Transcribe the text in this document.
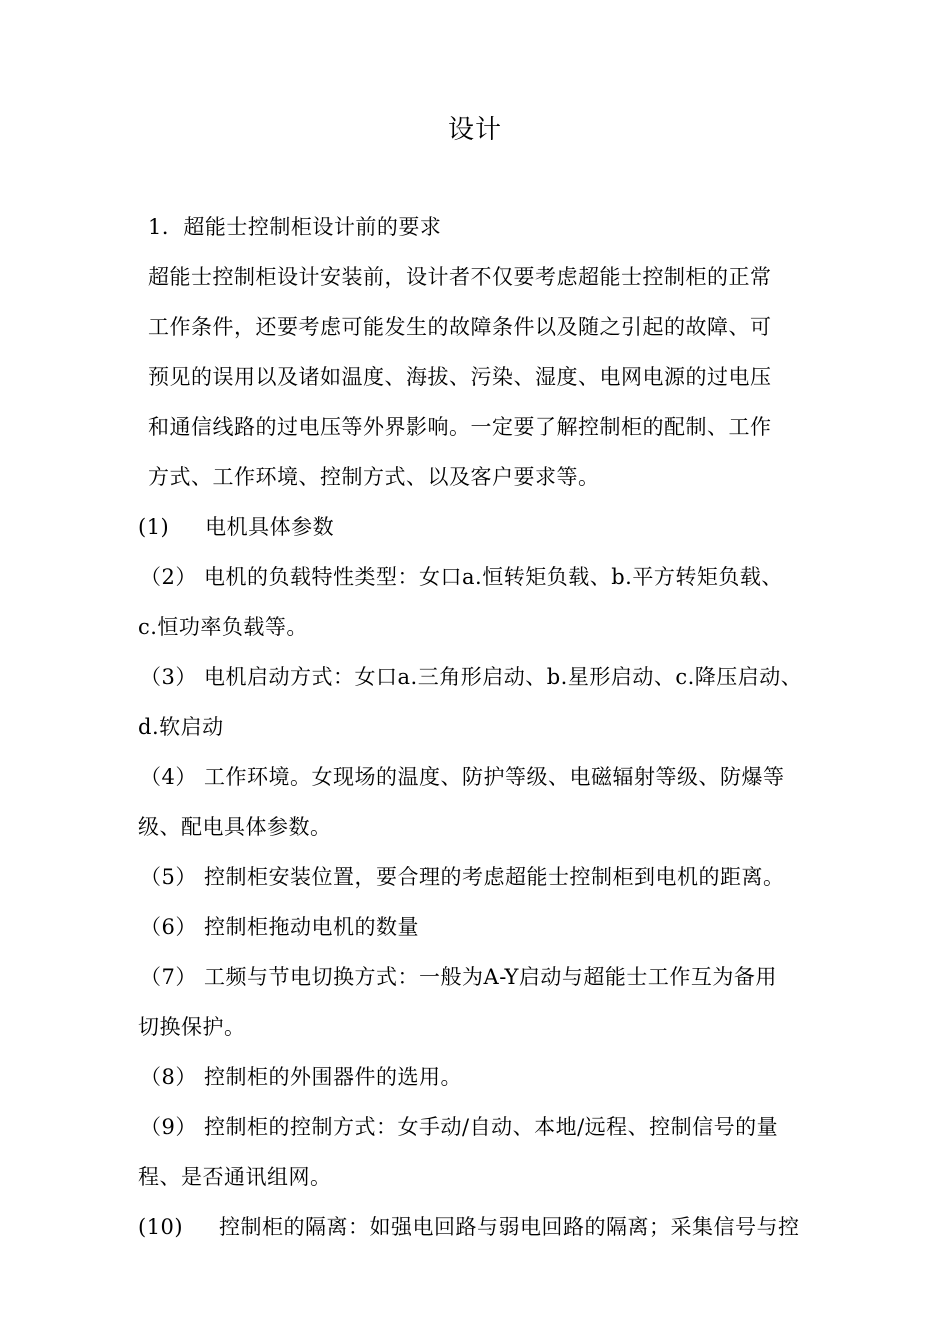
设计
1．超能士控制柜设计前的要求
超能士控制柜设计安装前，设计者不仅要考虑超能士控制柜的正常
工作条件，还要考虑可能发生的故障条件以及随之引起的故障、可
预见的误用以及诸如温度、海拔、污染、湿度、电网电源的过电压
和通信线路的过电压等外界影响。一定要了解控制柜的配制、工作
方式、工作环境、控制方式、以及客户要求等。
(1)     电机具体参数
（2） 电机的负载特性类型：女口a.恒转矩负载、b.平方转矩负载、
c.恒功率负载等。
（3） 电机启动方式：女口a.三角形启动、b.星形启动、c.降压启动、
d.软启动
（4） 工作环境。女现场的温度、防护等级、电磁辐射等级、防爆等
级、配电具体参数。
（5） 控制柜安装位置，要合理的考虑超能士控制柜到电机的距离。
（6） 控制柜拖动电机的数量
（7） 工频与节电切换方式：一般为A-Y启动与超能士工作互为备用
切换保护。
（8） 控制柜的外围器件的选用。
（9） 控制柜的控制方式：女手动/自动、本地/远程、控制信号的量
程、是否通讯组网。
(10)     控制柜的隔离：如强电回路与弱电回路的隔离；采集信号与控
